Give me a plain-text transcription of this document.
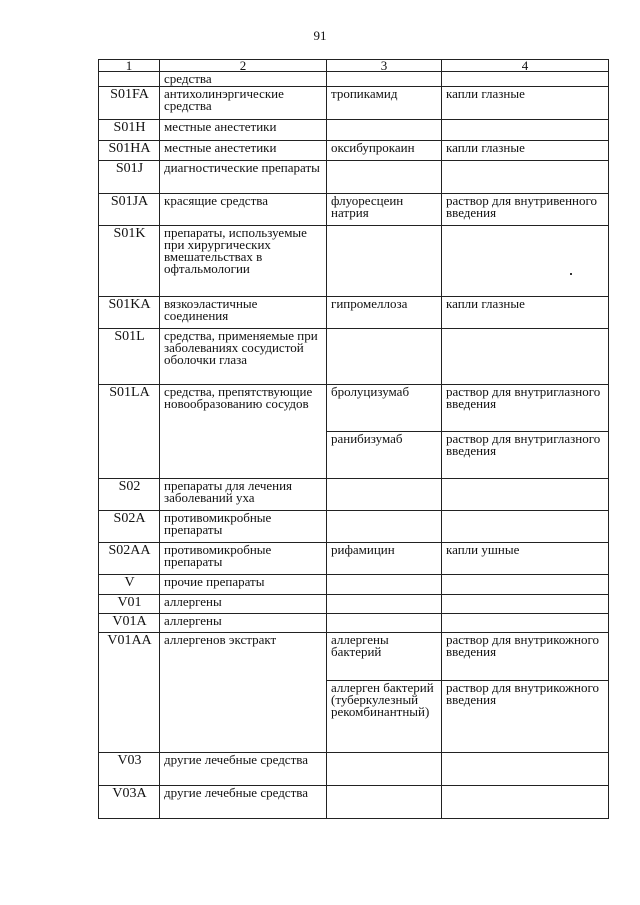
91
1	2	3	4
	средства		
S01FA	антихолинэргические средства	тропикамид	капли глазные
S01H	местные анестетики		
S01HA	местные анестетики	оксибупрокаин	капли глазные
S01J	диагностические препараты		
S01JA	красящие средства	флуоресцеин натрия	раствор для внутривенного введения
S01K	препараты, используемые при хирургических вмешательствах в офтальмологии		
S01KA	вязкоэластичные соединения	гипромеллоза	капли глазные
S01L	средства, применяемые при заболеваниях сосудистой оболочки глаза		
S01LA	средства, препятствующие новообразованию сосудов	бролуцизумаб	раствор для внутриглазного введения
		ранибизумаб	раствор для внутриглазного введения
S02	препараты для лечения заболеваний уха		
S02A	противомикробные препараты		
S02AA	противомикробные препараты	рифамицин	капли ушные
V	прочие препараты		
V01	аллергены		
V01A	аллергены		
V01AA	аллергенов экстракт	аллергены бактерий	раствор для внутрикожного введения
		аллерген бактерий (туберкулезный рекомбинантный)	раствор для внутрикожного введения
V03	другие лечебные средства		
V03A	другие лечебные средства		
